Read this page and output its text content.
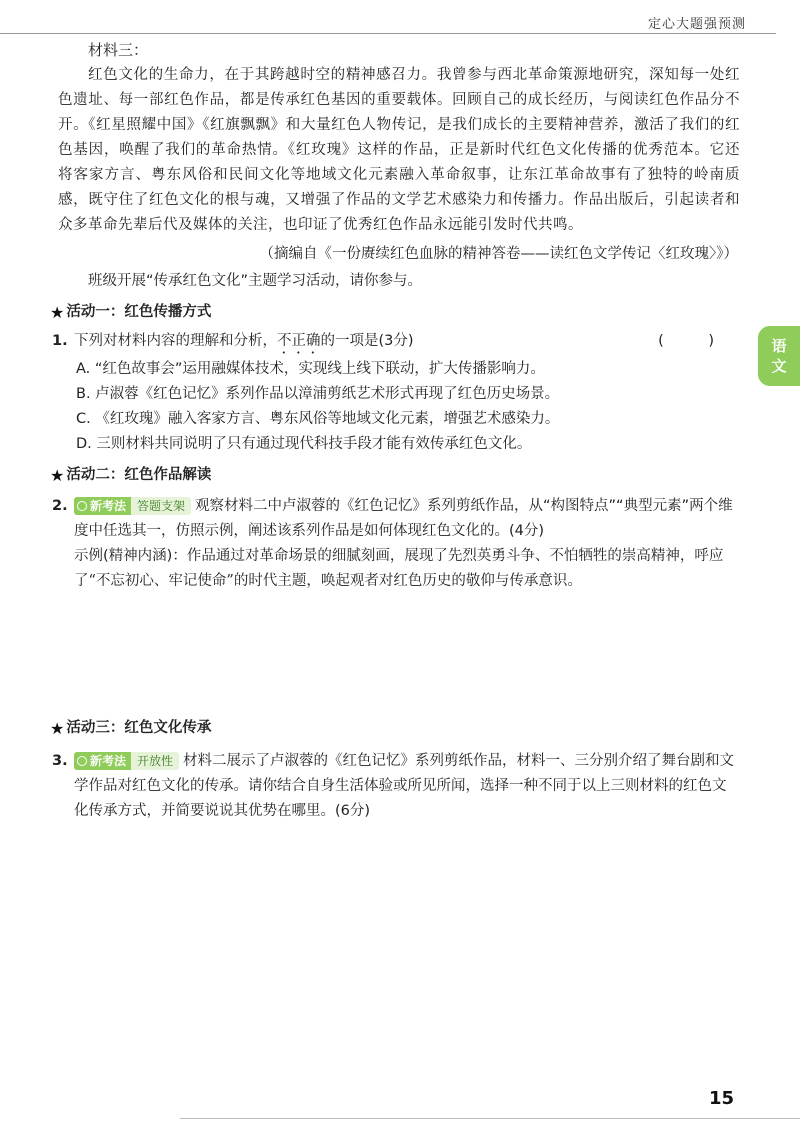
定心大题强预测
语
文

材料三：

红色文化的生命力，在于其跨越时空的精神感召力。我曾参与西北革命策源地研究，深知每一处红色遗址、每一部红色作品，都是传承红色基因的重要载体。回顾自己的成长经历，与阅读红色作品分不开。《红星照耀中国》《红旗飘飘》和大量红色人物传记，是我们成长的主要精神营养，激活了我们的红色基因，唤醒了我们的革命热情。《红玫瑰》这样的作品，正是新时代红色文化传播的优秀范本。它还将客家方言、粤东风俗和民间文化等地域文化元素融入革命叙事，让东江革命故事有了独特的岭南质感，既守住了红色文化的根与魂，又增强了作品的文学艺术感染力和传播力。作品出版后，引起读者和众多革命先辈后代及媒体的关注，也印证了优秀红色作品永远能引发时代共鸣。

（摘编自《一份赓续红色血脉的精神答卷——读红色文学传记〈红玫瑰〉》）

班级开展“传承红色文化”主题学习活动，请你参与。

★ 活动一：红色传播方式
1. 下列对材料内容的理解和分析，不正确的一项是(3分)	( )

A. “红色故事会”运用融媒体技术，实现线上线下联动，扩大传播影响力。

B. 卢淑蓉《红色记忆》系列作品以漳浦剪纸艺术形式再现了红色历史场景。

C. 《红玫瑰》融入客家方言、粤东风俗等地域文化元素，增强艺术感染力。

D. 三则材料共同说明了只有通过现代科技手段才能有效传承红色文化。

★ 活动二：红色作品解读
2.	新考法 答题支架 观察材料二中卢淑蓉的《红色记忆》系列剪纸作品，从“构图特点”“典型元素”两个维度中任选其一，仿照示例，阐述该系列作品是如何体现红色文化的。(4分)

示例(精神内涵)：作品通过对革命场景的细腻刻画，展现了先烈英勇斗争、不怕牺牲的崇高精神，呼应了“不忘初心、牢记使命”的时代主题，唤起观者对红色历史的敬仰与传承意识。

★ 活动三：红色文化传承
3.	新考法 开放性 材料二展示了卢淑蓉的《红色记忆》系列剪纸作品，材料一、三分别介绍了舞台剧和文学作品对红色文化的传承。请你结合自身生活体验或所见所闻，选择一种不同于以上三则材料的红色文化传承方式，并简要说说其优势在哪里。(6分)
15
